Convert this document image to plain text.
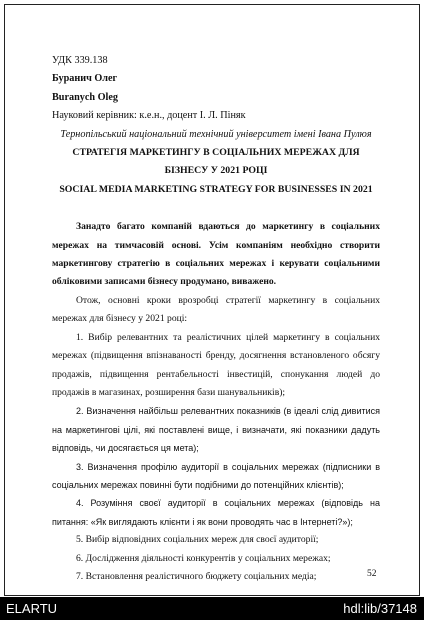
УДК 339.138
Буранич Олег
Buranych Oleg
Науковий керівник: к.е.н., доцент І. Л. Піняк
Тернопільський національний технічний університет імені Івана Пулюя
СТРАТЕГІЯ МАРКЕТИНГУ В СОЦІАЛЬНИХ МЕРЕЖАХ ДЛЯ
БІЗНЕСУ У 2021 РОЦІ
SOCIAL MEDIA MARKETING STRATEGY FOR BUSINESSES IN 2021
Занадто багато компаній вдаються до маркетингу в соціальних мережах на тимчасовій основі. Усім компаніям необхідно створити маркетингову стратегію в соціальних мережах і керувати соціальними обліковими записами бізнесу продумано, виважено.
Отож, основні кроки врозробці стратегії маркетингу в соціальних мережах для бізнесу у 2021 році:
1. Вибір релевантних та реалістичних цілей маркетингу в соціальних мережах (підвищення впізнаваності бренду, досягнення встановленого обсягу продажів, підвищення рентабельності інвестицій, спонукання людей до продажів в магазинах, розширення бази шанувальників);
2. Визначення найбільш релевантних показників (в ідеалі слід дивитися на маркетингові цілі, які поставлені вище, і визначати, які показники дадуть відповідь, чи досягається ця мета);
3. Визначення профілю аудиторії в соціальних мережах (підписники в соціальних мережах повинні бути подібними до потенційних клієнтів);
4. Розуміння своєї аудиторії в соціальних мережах (відповідь на питання: «Як виглядають клієнти і як вони проводять час в Інтернеті?»);
5. Вибір відповідних соціальних мереж для своєї аудиторії;
6. Дослідження діяльності конкурентів у соціальних мережах;
7. Встановлення реалістичного бюджету соціальних медіа;	52
ELARTU	hdl:lib/37148
